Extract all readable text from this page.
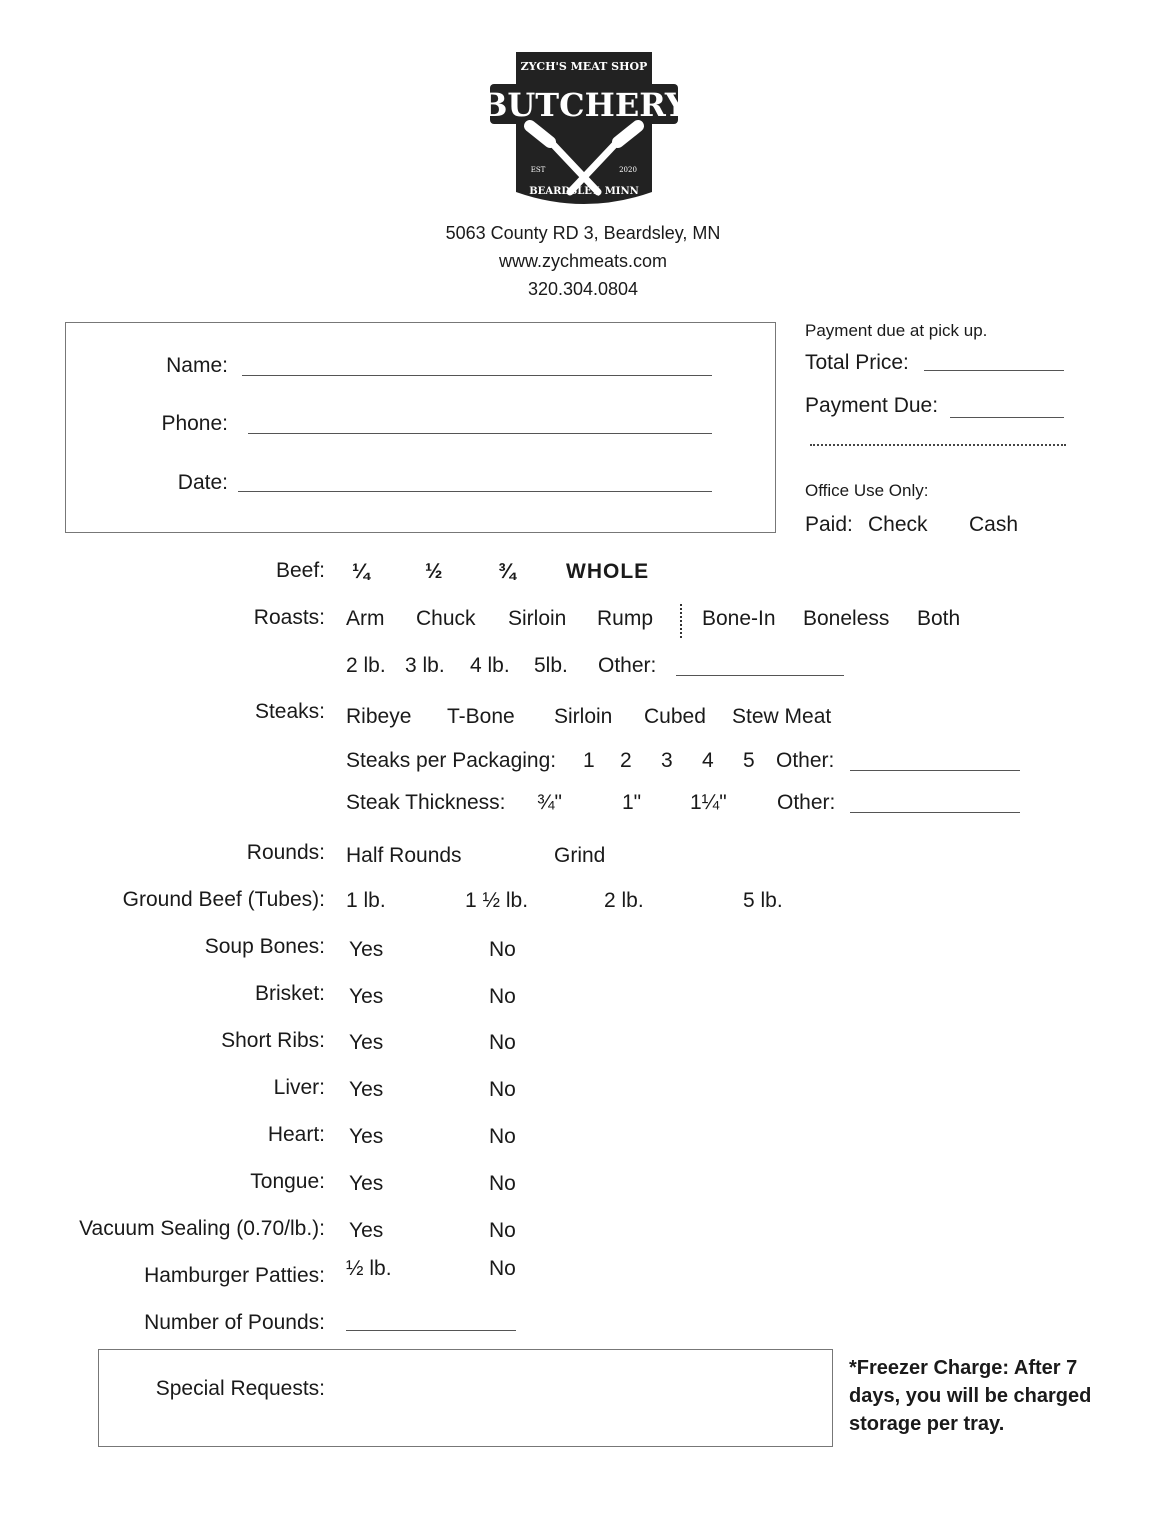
ZYCH'S MEAT SHOP
BUTCHERY
EST	2020
BEARDSLEY, MINN
5063 County RD 3, Beardsley, MN
www.zychmeats.com
320.304.0804
Name:
Phone:
Date:
Payment due at pick up.
Total Price:
Payment Due:
Office Use Only:
Paid: Check Cash
Beef: ¼	½	¾ WHOLE
Roasts: Arm Chuck Sirloin Rump Bone-In Boneless Both
2 lb. 3 lb. 4 lb. 5lb. Other:
Steaks: Ribeye T-Bone Sirloin Cubed Stew Meat
Steaks per Packaging: 1 2 3 4 5 Other:
Steak Thickness: ¾"	1" 1¼" Other:
Rounds: Half Rounds	Grind
Ground Beef (Tubes): 1 lb.	1 ½ lb.	2 lb.	5 lb.
Soup Bones: Yes	No
Brisket: Yes	No
Short Ribs: Yes	No
Liver: Yes	No
Heart: Yes	No
Tongue: Yes	No
Vacuum Sealing (0.70/lb.): Yes	No
Hamburger Patties: ½ lb.	No
Number of Pounds:
Special Requests:
*Freezer Charge: After 7 days, you will be charged storage per tray.
